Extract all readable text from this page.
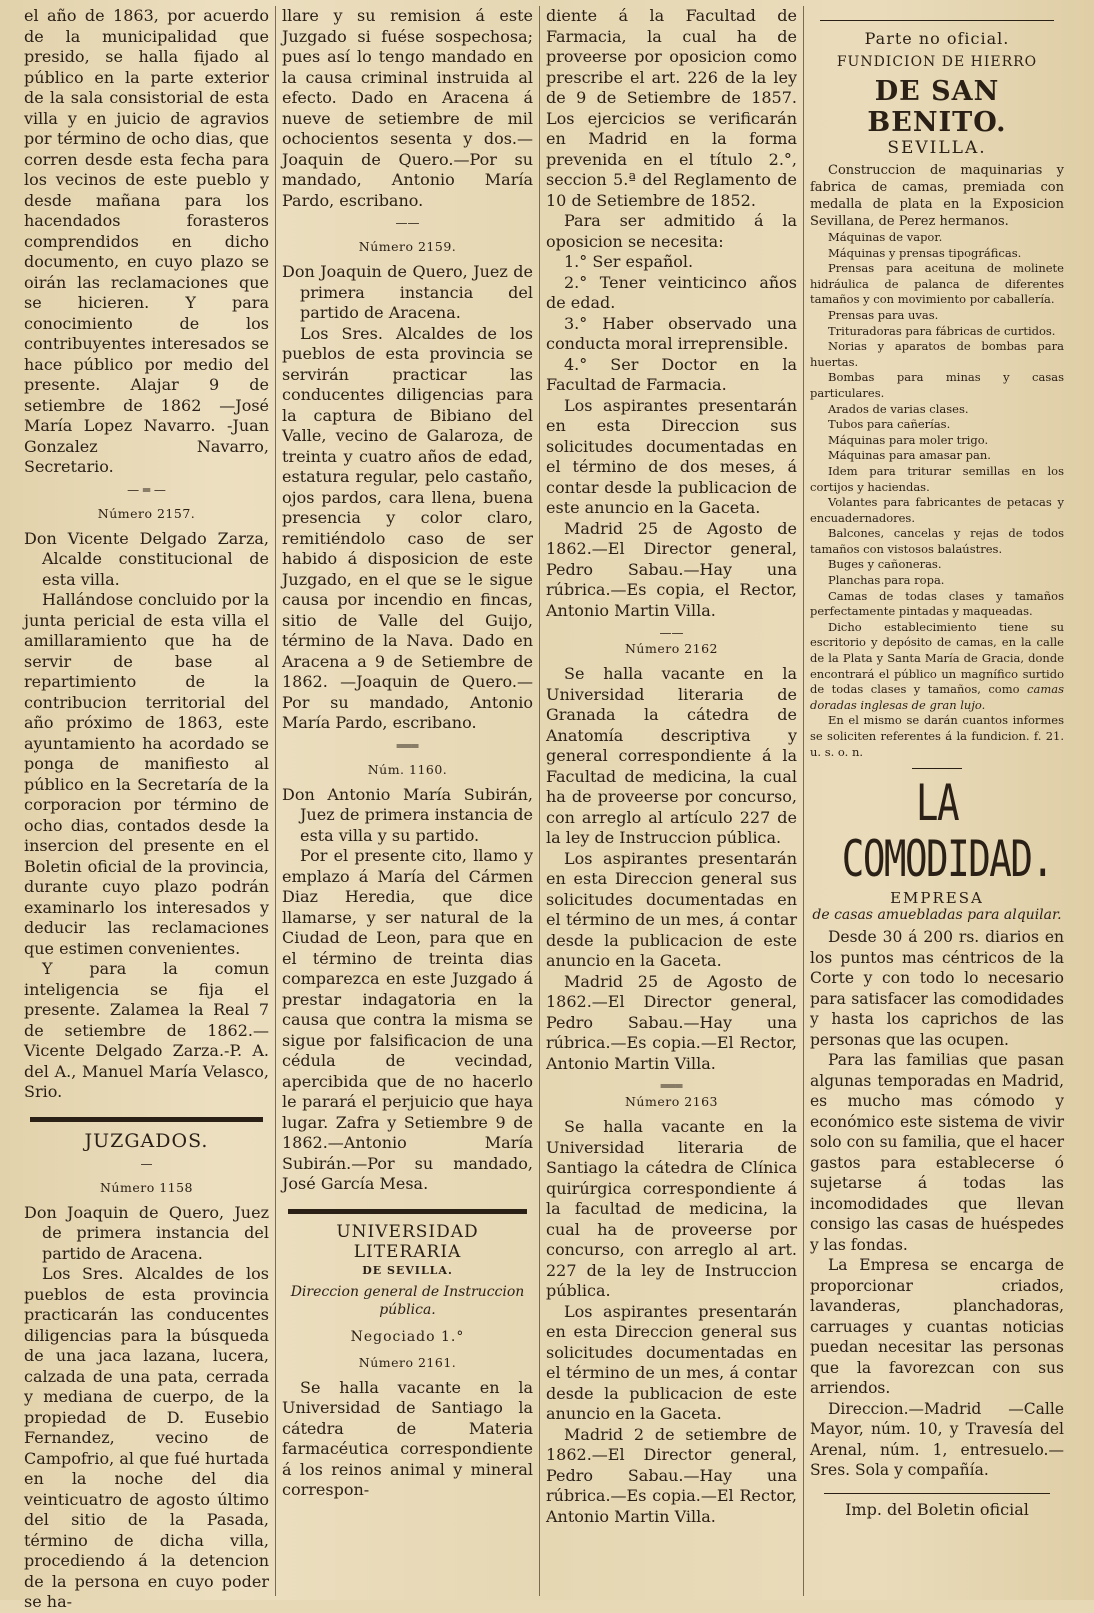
el año de 1863, por acuerdo de la municipalidad que presido, se halla fijado al público en la parte exterior de la sala consistorial de esta villa y en juicio de agravios por término de ocho dias, que corren desde esta fecha para los vecinos de este pueblo y desde mañana para los hacendados forasteros comprendidos en dicho documento, en cuyo plazo se oirán las reclamaciones que se hicieren. Y para conocimiento de los contribuyentes interesados se hace público por medio del presente. Alajar 9 de setiembre de 1862 —José María Lopez Navarro. -Juan Gonzalez Navarro, Secretario.

— ═ —
Número 2157.

Don Vicente Delgado Zarza, Alcalde constitucional de esta villa.

Hallándose concluido por la junta pericial de esta villa el amillaramiento que ha de servir de base al repartimiento de la contribucion territorial del año próximo de 1863, este ayuntamiento ha acordado se ponga de manifiesto al público en la Secretaría de la corporacion por término de ocho dias, contados desde la insercion del presente en el Boletin oficial de la provincia, durante cuyo plazo podrán examinarlo los interesados y deducir las reclamaciones que estimen convenientes.

Y para la comun inteligencia se fija el presente. Zalamea la Real 7 de setiembre de 1862.—Vicente Delgado Zarza.-P. A. del A., Manuel María Velasco, Srio.

JUZGADOS.
—
Número 1158

Don Joaquin de Quero, Juez de primera instancia del partido de Aracena.

Los Sres. Alcaldes de los pueblos de esta provincia practicarán las conducentes diligencias para la búsqueda de una jaca lazana, lucera, calzada de una pata, cerrada y mediana de cuerpo, de la propiedad de D. Eusebio Fernandez, vecino de Campofrio, al que fué hurtada en la noche del dia veinticuatro de agosto último del sitio de la Pasada, término de dicha villa, procediendo á la detencion de la persona en cuyo poder se ha-

llare y su remision á este Juzgado si fuése sospechosa; pues así lo tengo mandado en la causa criminal instruida al efecto. Dado en Aracena á nueve de setiembre de mil ochocientos sesenta y dos.—Joaquin de Quero.—Por su mandado, Antonio María Pardo, escribano.

——
Número 2159.

Don Joaquin de Quero, Juez de primera instancia del partido de Aracena.

Los Sres. Alcaldes de los pueblos de esta provincia se servirán practicar las conducentes diligencias para la captura de Bibiano del Valle, vecino de Galaroza, de treinta y cuatro años de edad, estatura regular, pelo castaño, ojos pardos, cara llena, buena presencia y color claro, remitiéndolo caso de ser habido á disposicion de este Juzgado, en el que se le sigue causa por incendio en fincas, sitio de Valle del Guijo, término de la Nava. Dado en Aracena a 9 de Setiembre de 1862. —Joaquin de Quero.—Por su mandado, Antonio María Pardo, escribano.

═══
Núm. 1160.

Don Antonio María Subirán, Juez de primera instancia de esta villa y su partido.

Por el presente cito, llamo y emplazo á María del Cármen Diaz Heredia, que dice llamarse, y ser natural de la Ciudad de Leon, para que en el término de treinta dias comparezca en este Juzgado á prestar indagatoria en la causa que contra la misma se sigue por falsificacion de una cédula de vecindad, apercibida que de no hacerlo le parará el perjuicio que haya lugar. Zafra y Setiembre 9 de 1862.—Antonio María Subirán.—Por su mandado, José García Mesa.

UNIVERSIDAD LITERARIA
DE SEVILLA.
Direccion general de Instruccion pública.
Negociado 1.°
Número 2161.

Se halla vacante en la Universidad de Santiago la cátedra de Materia farmacéutica correspondiente á los reinos animal y mineral correspon-

diente á la Facultad de Farmacia, la cual ha de proveerse por oposicion como prescribe el art. 226 de la ley de 9 de Setiembre de 1857. Los ejercicios se verificarán en Madrid en la forma prevenida en el título 2.°, seccion 5.ª del Reglamento de 10 de Setiembre de 1852.

Para ser admitido á la oposicion se necesita:

1.° Ser español.

2.° Tener veinticinco años de edad.

3.° Haber observado una conducta moral irreprensible.

4.° Ser Doctor en la Facultad de Farmacia.

Los aspirantes presentarán en esta Direccion sus solicitudes documentadas en el término de dos meses, á contar desde la publicacion de este anuncio en la Gaceta.

Madrid 25 de Agosto de 1862.—El Director general, Pedro Sabau.—Hay una rúbrica.—Es copia, el Rector, Antonio Martin Villa.

——
Número 2162

Se halla vacante en la Universidad literaria de Granada la cátedra de Anatomía descriptiva y general correspondiente á la Facultad de medicina, la cual ha de proveerse por concurso, con arreglo al artículo 227 de la ley de Instruccion pública.

Los aspirantes presentarán en esta Direccion general sus solicitudes documentadas en el término de un mes, á contar desde la publicacion de este anuncio en la Gaceta.

Madrid 25 de Agosto de 1862.—El Director general, Pedro Sabau.—Hay una rúbrica.—Es copia.—El Rector, Antonio Martin Villa.

═══
Número 2163

Se halla vacante en la Universidad literaria de Santiago la cátedra de Clínica quirúrgica correspondiente á la facultad de medicina, la cual ha de proveerse por concurso, con arreglo al art. 227 de la ley de Instruccion pública.

Los aspirantes presentarán en esta Direccion general sus solicitudes documentadas en el término de un mes, á contar desde la publicacion de este anuncio en la Gaceta.

Madrid 2 de setiembre de 1862.—El Director general, Pedro Sabau.—Hay una rúbrica.—Es copia.—El Rector, Antonio Martin Villa.

Parte no oficial.
FUNDICION DE HIERRO
DE SAN BENITO.
SEVILLA.

Construccion de maquinarias y fabrica de camas, premiada con medalla de plata en la Exposicion Sevillana, de Perez hermanos.

Máquinas de vapor.

Máquinas y prensas tipográficas.

Prensas para aceituna de molinete hidráulica de palanca de diferentes tamaños y con movimiento por caballería.

Prensas para uvas.

Trituradoras para fábricas de curtidos.

Norias y aparatos de bombas para huertas.

Bombas para minas y casas particulares.

Arados de varias clases.

Tubos para cañerías.

Máquinas para moler trigo.

Máquinas para amasar pan.

Idem para triturar semillas en los cortijos y haciendas.

Volantes para fabricantes de petacas y encuadernadores.

Balcones, cancelas y rejas de todos tamaños con vistosos balaústres.

Buges y cañoneras.

Planchas para ropa.

Camas de todas clases y tamaños perfectamente pintadas y maqueadas.

Dicho establecimiento tiene su escritorio y depósito de camas, en la calle de la Plata y Santa María de Gracia, donde encontrará el público un magnífico surtido de todas clases y tamaños, como camas doradas inglesas de gran lujo.

En el mismo se darán cuantos informes se soliciten referentes á la fundicion. f. 21. u. s. o. n.

LA COMODIDAD.
EMPRESA
de casas amuebladas para alquilar.

Desde 30 á 200 rs. diarios en los puntos mas céntricos de la Corte y con todo lo necesario para satisfacer las comodidades y hasta los caprichos de las personas que las ocupen.

Para las familias que pasan algunas temporadas en Madrid, es mucho mas cómodo y económico este sistema de vivir solo con su familia, que el hacer gastos para establecerse ó sujetarse á todas las incomodidades que llevan consigo las casas de huéspedes y las fondas.

La Empresa se encarga de proporcionar criados, lavanderas, planchadoras, carruages y cuantas noticias puedan necesitar las personas que la favorezcan con sus arriendos.

Direccion.—Madrid —Calle Mayor, núm. 10, y Travesía del Arenal, núm. 1, entresuelo.—Sres. Sola y compañía.

Imp. del Boletin oficial
